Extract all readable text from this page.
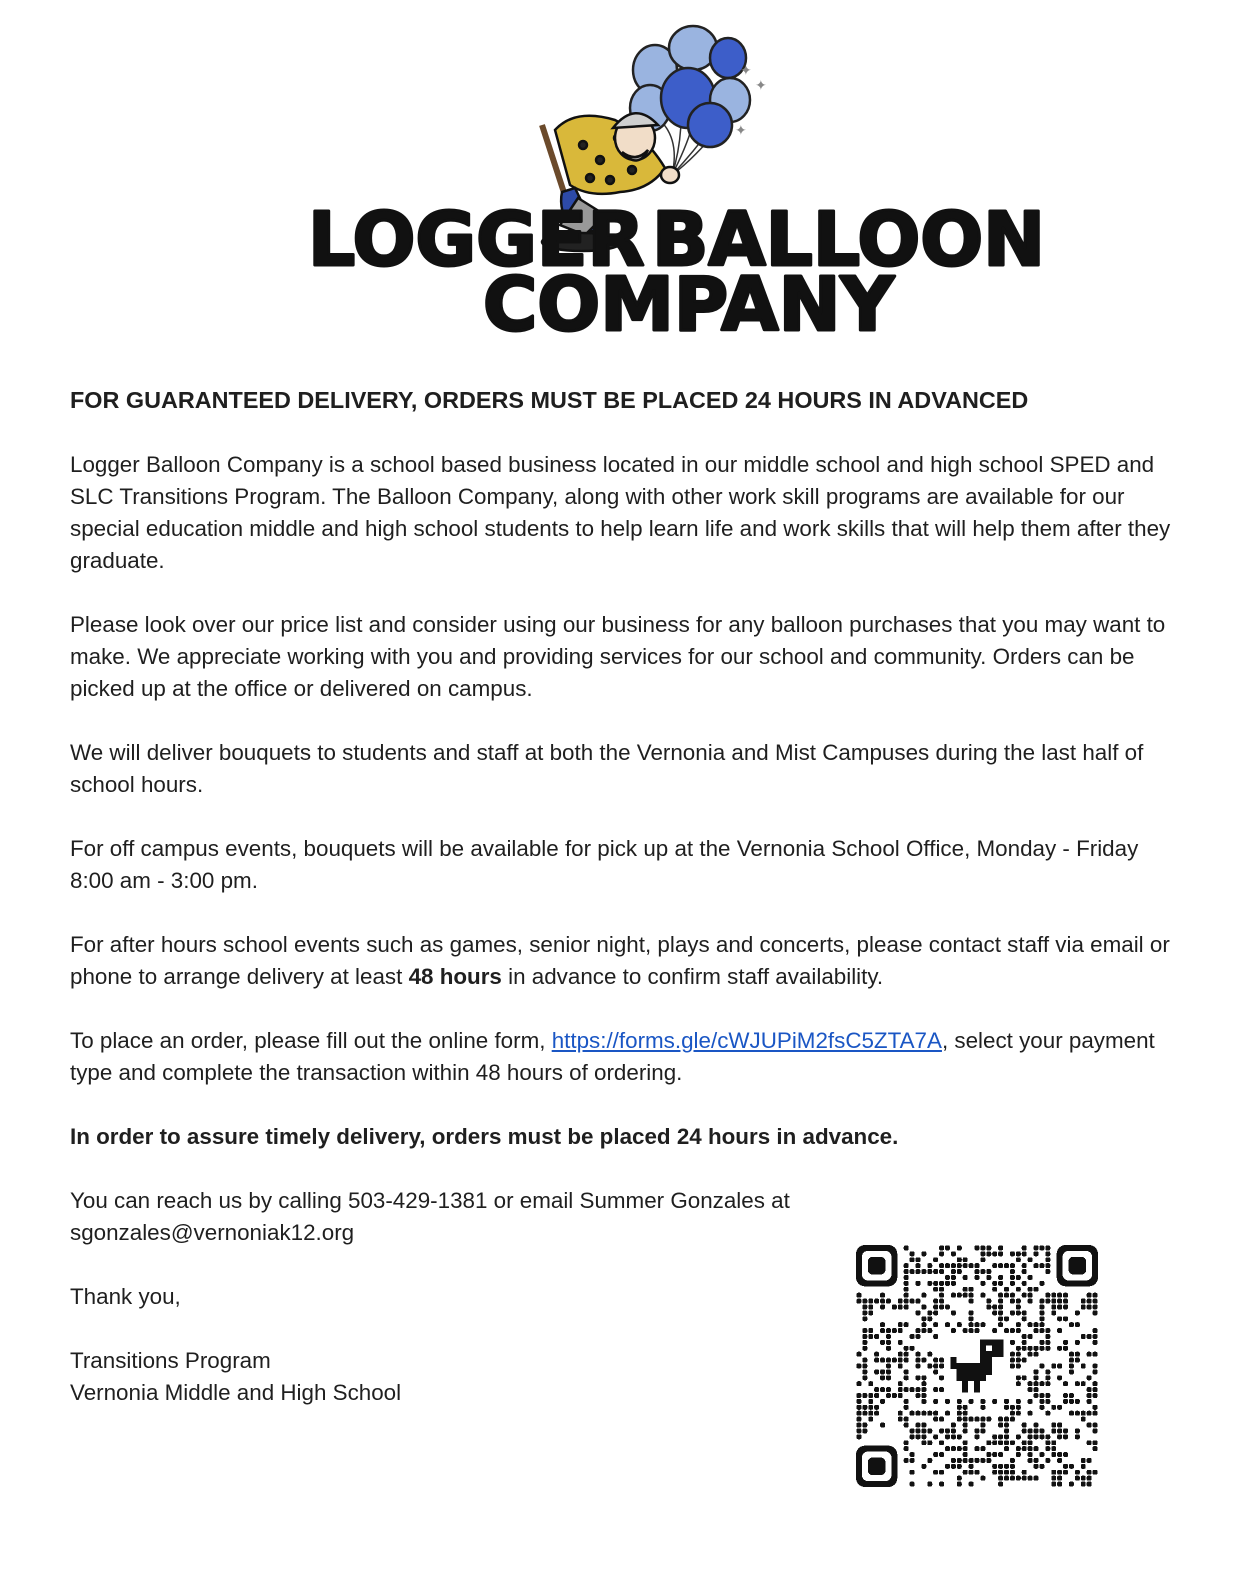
✦
✦
✦
LOGGER BALLOON
COMPANY
FOR GUARANTEED DELIVERY, ORDERS MUST BE PLACED 24 HOURS IN ADVANCED

Logger Balloon Company is a school based business located in our middle school and high school SPED and SLC Transitions Program. The Balloon Company, along with other work skill programs are available for our special education middle and high school students to help learn life and work skills that will help them after they graduate.

Please look over our price list and consider using our business for any balloon purchases that you may want to make. We appreciate working with you and providing services for our school and community. Orders can be picked up at the office or delivered on campus.

We will deliver bouquets to students and staff at both the Vernonia and Mist Campuses during the last half of school hours.

For off campus events, bouquets will be available for pick up at the Vernonia School Office, Monday - Friday 8:00 am - 3:00 pm.

For after hours school events such as games, senior night, plays and concerts, please contact staff via email or phone to arrange delivery at least 48 hours in advance to confirm staff availability.

To place an order, please fill out the online form, https://forms.gle/cWJUPiM2fsC5ZTA7A, select your payment type and complete the transaction within 48 hours of ordering.

In order to assure timely delivery, orders must be placed 24 hours in advance.

You can reach us by calling 503-429-1381 or email Summer Gonzales at
sgonzales@vernoniak12.org

Thank you,

Transitions Program
Vernonia Middle and High School
